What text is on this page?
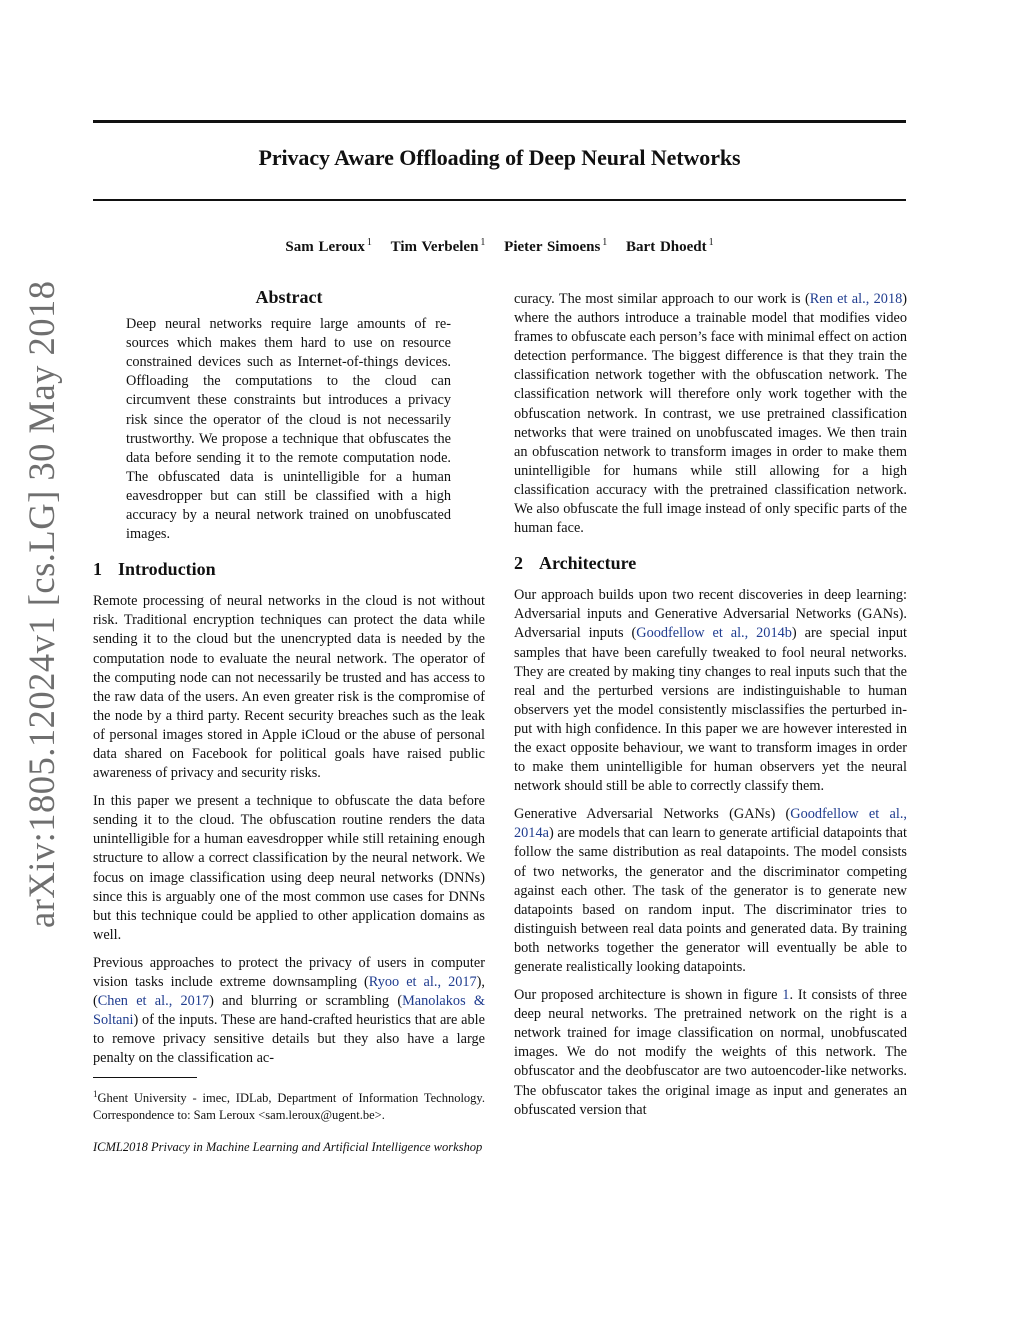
Privacy Aware Offloading of Deep Neural Networks
Sam Leroux $^1$ Tim Verbelen $^1$ Pieter Simoens $^1$ Bart Dhoedt $^1$
arXiv:1805.12024v1 [cs.LG] 30 May 2018	Abstract
Deep neural networks require large amounts of resources which makes them hard to use on resource constrained devices such as Internet-of-things devices. Offloading the computations to the cloud can circumvent these constraints but introduces a privacy risk since the operator of the cloud is not necessarily trustworthy. We propose a technique that obfuscates the data before sending it to the remote computation node. The obfuscated data is unintelligible for a human eavesdropper but can still be classified with a high accuracy by a neural network trained on unobfuscated images.
1 Introduction

Remote processing of neural networks in the cloud is not without risk. Traditional encryption techniques can protect the data while sending it to the cloud but the unencrypted data is needed by the computation node to evaluate the neural network. The operator of the computing node can not necessarily be trusted and has access to the raw data of the users. An even greater risk is the compromise of the node by a third party. Recent security breaches such as the leak of personal images stored in Apple iCloud or the abuse of personal data shared on Facebook for political goals have raised public awareness of privacy and security risks.

In this paper we present a technique to obfuscate the data before sending it to the cloud. The obfuscation routine renders the data unintelligible for a human eavesdropper while still retaining enough structure to allow a correct classification by the neural network. We focus on image classification using deep neural networks (DNNs) since this is arguably one of the most common use cases for DNNs but this technique could be applied to other application domains as well.

Previous approaches to protect the privacy of users in computer vision tasks include extreme downsampling (Ryoo et al., 2017), (Chen et al., 2017) and blurring or scrambling (Manolakos & Soltani) of the inputs. These are hand-crafted heuristics that are able to remove privacy sensitive details but they also have a large penalty on the classification ac-

$^1$Ghent University - imec, IDLab, Department of Information Technology. Correspondence to: Sam Leroux <sam.leroux@ugent.be>.
ICML2018 Privacy in Machine Learning and Artificial Intelligence workshop

curacy. The most similar approach to our work is (Ren et al., 2018) where the authors introduce a trainable model that modifies video frames to obfuscate each person’s face with minimal effect on action detection performance. The biggest difference is that they train the classification network together with the obfuscation network. The classification network will therefore only work together with the obfuscation network. In contrast, we use pretrained classification networks that were trained on unobfuscated images. We then train an obfuscation network to transform images in order to make them unintelligible for humans while still allowing for a high classification accuracy with the pretrained classification network. We also obfuscate the full image instead of only specific parts of the human face.

2 Architecture

Our approach builds upon two recent discoveries in deep learning: Adversarial inputs and Generative Adversarial Networks (GANs). Adversarial inputs (Goodfellow et al., 2014b) are special input samples that have been carefully tweaked to fool neural networks. They are created by making tiny changes to real inputs such that the real and the perturbed versions are indistinguishable to human observers yet the model consistently misclassifies the perturbed input with high confidence. In this paper we are however interested in the exact opposite behaviour, we want to transform images in order to make them unintelligible for human observers yet the neural network should still be able to correctly classify them.

Generative Adversarial Networks (GANs) (Goodfellow et al., 2014a) are models that can learn to generate artificial datapoints that follow the same distribution as real datapoints. The model consists of two networks, the generator and the discriminator competing against each other. The task of the generator is to generate new datapoints based on random input. The discriminator tries to distinguish between real data points and generated data. By training both networks together the generator will eventually be able to generate realistically looking datapoints.

Our proposed architecture is shown in figure 1. It consists of three deep neural networks. The pretrained network on the right is a network trained for image classification on normal, unobfuscated images. We do not modify the weights of this network. The obfuscator and the deobfuscator are two autoencoder-like networks. The obfuscator takes the original image as input and generates an obfuscated version that
